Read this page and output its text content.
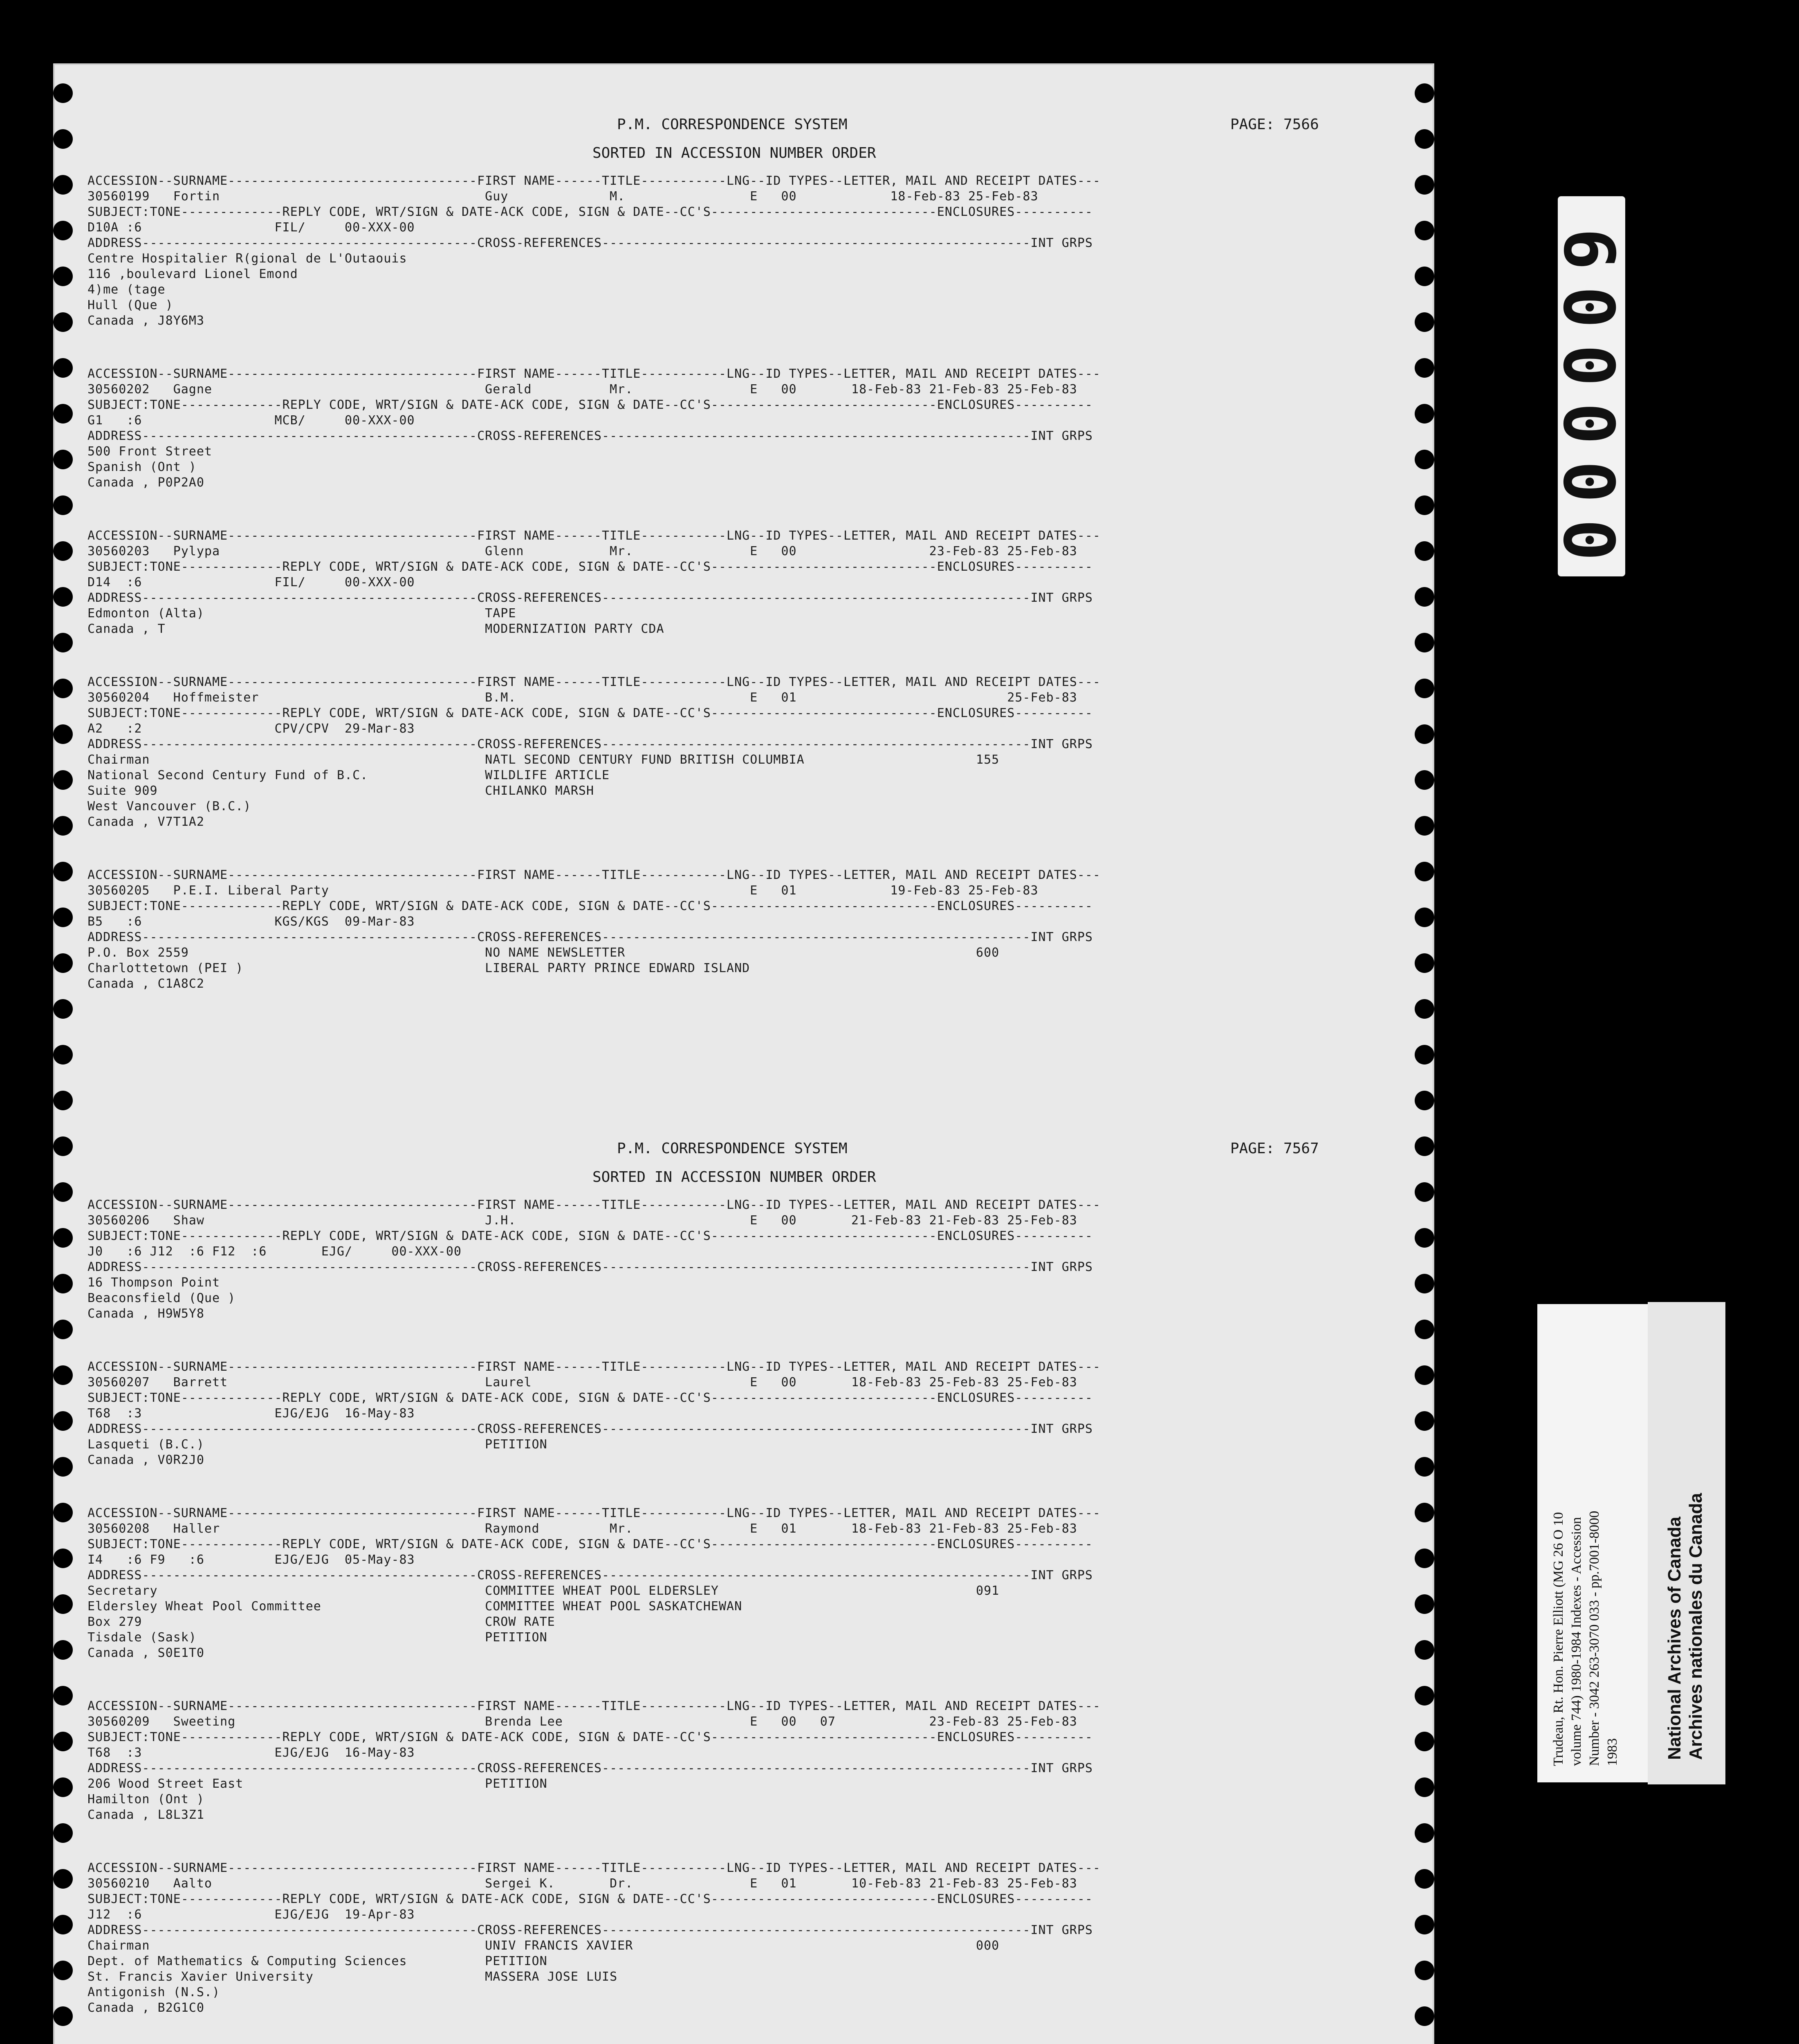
P.M. CORRESPONDENCE SYSTEM	PAGE: 7566
SORTED IN ACCESSION NUMBER ORDER
ACCESSION--SURNAME--------------------------------FIRST NAME------TITLE-----------LNG--ID TYPES--LETTER, MAIL AND RECEIPT DATES---
30560199   Fortin                                  Guy             M.                E   00            18-Feb-83 25-Feb-83
SUBJECT:TONE-------------REPLY CODE, WRT/SIGN & DATE-ACK CODE, SIGN & DATE--CC'S-----------------------------ENCLOSURES----------
D10A :6                 FIL/     00-XXX-00
ADDRESS-------------------------------------------CROSS-REFERENCES-------------------------------------------------------INT GRPS
Centre Hospitalier R(gional de L'Outaouis
116 ,boulevard Lionel Emond
4)me (tage
Hull (Que )
Canada , J8Y6M3
ACCESSION--SURNAME--------------------------------FIRST NAME------TITLE-----------LNG--ID TYPES--LETTER, MAIL AND RECEIPT DATES---
30560202   Gagne                                   Gerald          Mr.               E   00       18-Feb-83 21-Feb-83 25-Feb-83
SUBJECT:TONE-------------REPLY CODE, WRT/SIGN & DATE-ACK CODE, SIGN & DATE--CC'S-----------------------------ENCLOSURES----------
G1   :6                 MCB/     00-XXX-00
ADDRESS-------------------------------------------CROSS-REFERENCES-------------------------------------------------------INT GRPS
500 Front Street
Spanish (Ont )
Canada , P0P2A0
ACCESSION--SURNAME--------------------------------FIRST NAME------TITLE-----------LNG--ID TYPES--LETTER, MAIL AND RECEIPT DATES---
30560203   Pylypa                                  Glenn           Mr.               E   00                 23-Feb-83 25-Feb-83
SUBJECT:TONE-------------REPLY CODE, WRT/SIGN & DATE-ACK CODE, SIGN & DATE--CC'S-----------------------------ENCLOSURES----------
D14  :6                 FIL/     00-XXX-00
ADDRESS-------------------------------------------CROSS-REFERENCES-------------------------------------------------------INT GRPS
Edmonton (Alta)                                    TAPE
Canada , T                                         MODERNIZATION PARTY CDA
ACCESSION--SURNAME--------------------------------FIRST NAME------TITLE-----------LNG--ID TYPES--LETTER, MAIL AND RECEIPT DATES---
30560204   Hoffmeister                             B.M.                              E   01                           25-Feb-83
SUBJECT:TONE-------------REPLY CODE, WRT/SIGN & DATE-ACK CODE, SIGN & DATE--CC'S-----------------------------ENCLOSURES----------
A2   :2                 CPV/CPV  29-Mar-83
ADDRESS-------------------------------------------CROSS-REFERENCES-------------------------------------------------------INT GRPS
Chairman                                           NATL SECOND CENTURY FUND BRITISH COLUMBIA                      155
National Second Century Fund of B.C.               WILDLIFE ARTICLE
Suite 909                                          CHILANKO MARSH
West Vancouver (B.C.)
Canada , V7T1A2
ACCESSION--SURNAME--------------------------------FIRST NAME------TITLE-----------LNG--ID TYPES--LETTER, MAIL AND RECEIPT DATES---
30560205   P.E.I. Liberal Party                                                      E   01            19-Feb-83 25-Feb-83
SUBJECT:TONE-------------REPLY CODE, WRT/SIGN & DATE-ACK CODE, SIGN & DATE--CC'S-----------------------------ENCLOSURES----------
B5   :6                 KGS/KGS  09-Mar-83
ADDRESS-------------------------------------------CROSS-REFERENCES-------------------------------------------------------INT GRPS
P.O. Box 2559                                      NO NAME NEWSLETTER                                             600
Charlottetown (PEI )                               LIBERAL PARTY PRINCE EDWARD ISLAND
Canada , C1A8C2
P.M. CORRESPONDENCE SYSTEM	PAGE: 7567
SORTED IN ACCESSION NUMBER ORDER
ACCESSION--SURNAME--------------------------------FIRST NAME------TITLE-----------LNG--ID TYPES--LETTER, MAIL AND RECEIPT DATES---
30560206   Shaw                                    J.H.                              E   00       21-Feb-83 21-Feb-83 25-Feb-83
SUBJECT:TONE-------------REPLY CODE, WRT/SIGN & DATE-ACK CODE, SIGN & DATE--CC'S-----------------------------ENCLOSURES----------
J0   :6 J12  :6 F12  :6       EJG/     00-XXX-00
ADDRESS-------------------------------------------CROSS-REFERENCES-------------------------------------------------------INT GRPS
16 Thompson Point
Beaconsfield (Que )
Canada , H9W5Y8
ACCESSION--SURNAME--------------------------------FIRST NAME------TITLE-----------LNG--ID TYPES--LETTER, MAIL AND RECEIPT DATES---
30560207   Barrett                                 Laurel                            E   00       18-Feb-83 25-Feb-83 25-Feb-83
SUBJECT:TONE-------------REPLY CODE, WRT/SIGN & DATE-ACK CODE, SIGN & DATE--CC'S-----------------------------ENCLOSURES----------
T68  :3                 EJG/EJG  16-May-83
ADDRESS-------------------------------------------CROSS-REFERENCES-------------------------------------------------------INT GRPS
Lasqueti (B.C.)                                    PETITION
Canada , V0R2J0
ACCESSION--SURNAME--------------------------------FIRST NAME------TITLE-----------LNG--ID TYPES--LETTER, MAIL AND RECEIPT DATES---
30560208   Haller                                  Raymond         Mr.               E   01       18-Feb-83 21-Feb-83 25-Feb-83
SUBJECT:TONE-------------REPLY CODE, WRT/SIGN & DATE-ACK CODE, SIGN & DATE--CC'S-----------------------------ENCLOSURES----------
I4   :6 F9   :6         EJG/EJG  05-May-83
ADDRESS-------------------------------------------CROSS-REFERENCES-------------------------------------------------------INT GRPS
Secretary                                          COMMITTEE WHEAT POOL ELDERSLEY                                 091
Eldersley Wheat Pool Committee                     COMMITTEE WHEAT POOL SASKATCHEWAN
Box 279                                            CROW RATE
Tisdale (Sask)                                     PETITION
Canada , S0E1T0
ACCESSION--SURNAME--------------------------------FIRST NAME------TITLE-----------LNG--ID TYPES--LETTER, MAIL AND RECEIPT DATES---
30560209   Sweeting                                Brenda Lee                        E   00   07            23-Feb-83 25-Feb-83
SUBJECT:TONE-------------REPLY CODE, WRT/SIGN & DATE-ACK CODE, SIGN & DATE--CC'S-----------------------------ENCLOSURES----------
T68  :3                 EJG/EJG  16-May-83
ADDRESS-------------------------------------------CROSS-REFERENCES-------------------------------------------------------INT GRPS
206 Wood Street East                               PETITION
Hamilton (Ont )
Canada , L8L3Z1
ACCESSION--SURNAME--------------------------------FIRST NAME------TITLE-----------LNG--ID TYPES--LETTER, MAIL AND RECEIPT DATES---
30560210   Aalto                                   Sergei K.       Dr.               E   01       10-Feb-83 21-Feb-83 25-Feb-83
SUBJECT:TONE-------------REPLY CODE, WRT/SIGN & DATE-ACK CODE, SIGN & DATE--CC'S-----------------------------ENCLOSURES----------
J12  :6                 EJG/EJG  19-Apr-83
ADDRESS-------------------------------------------CROSS-REFERENCES-------------------------------------------------------INT GRPS
Chairman                                           UNIV FRANCIS XAVIER                                            000
Dept. of Mathematics & Computing Sciences          PETITION
St. Francis Xavier University                      MASSERA JOSE LUIS
Antigonish (N.S.)
Canada , B2G1C0
000009
Trudeau, Rt. Hon. Pierre Elliott (MG 26 O 10 volume 744) 1980-1984 Indexes - Accession Number - 3042 263-3070 033 - pp.7001-8000 1983 National Archives of Canada Archives nationales du Canada
